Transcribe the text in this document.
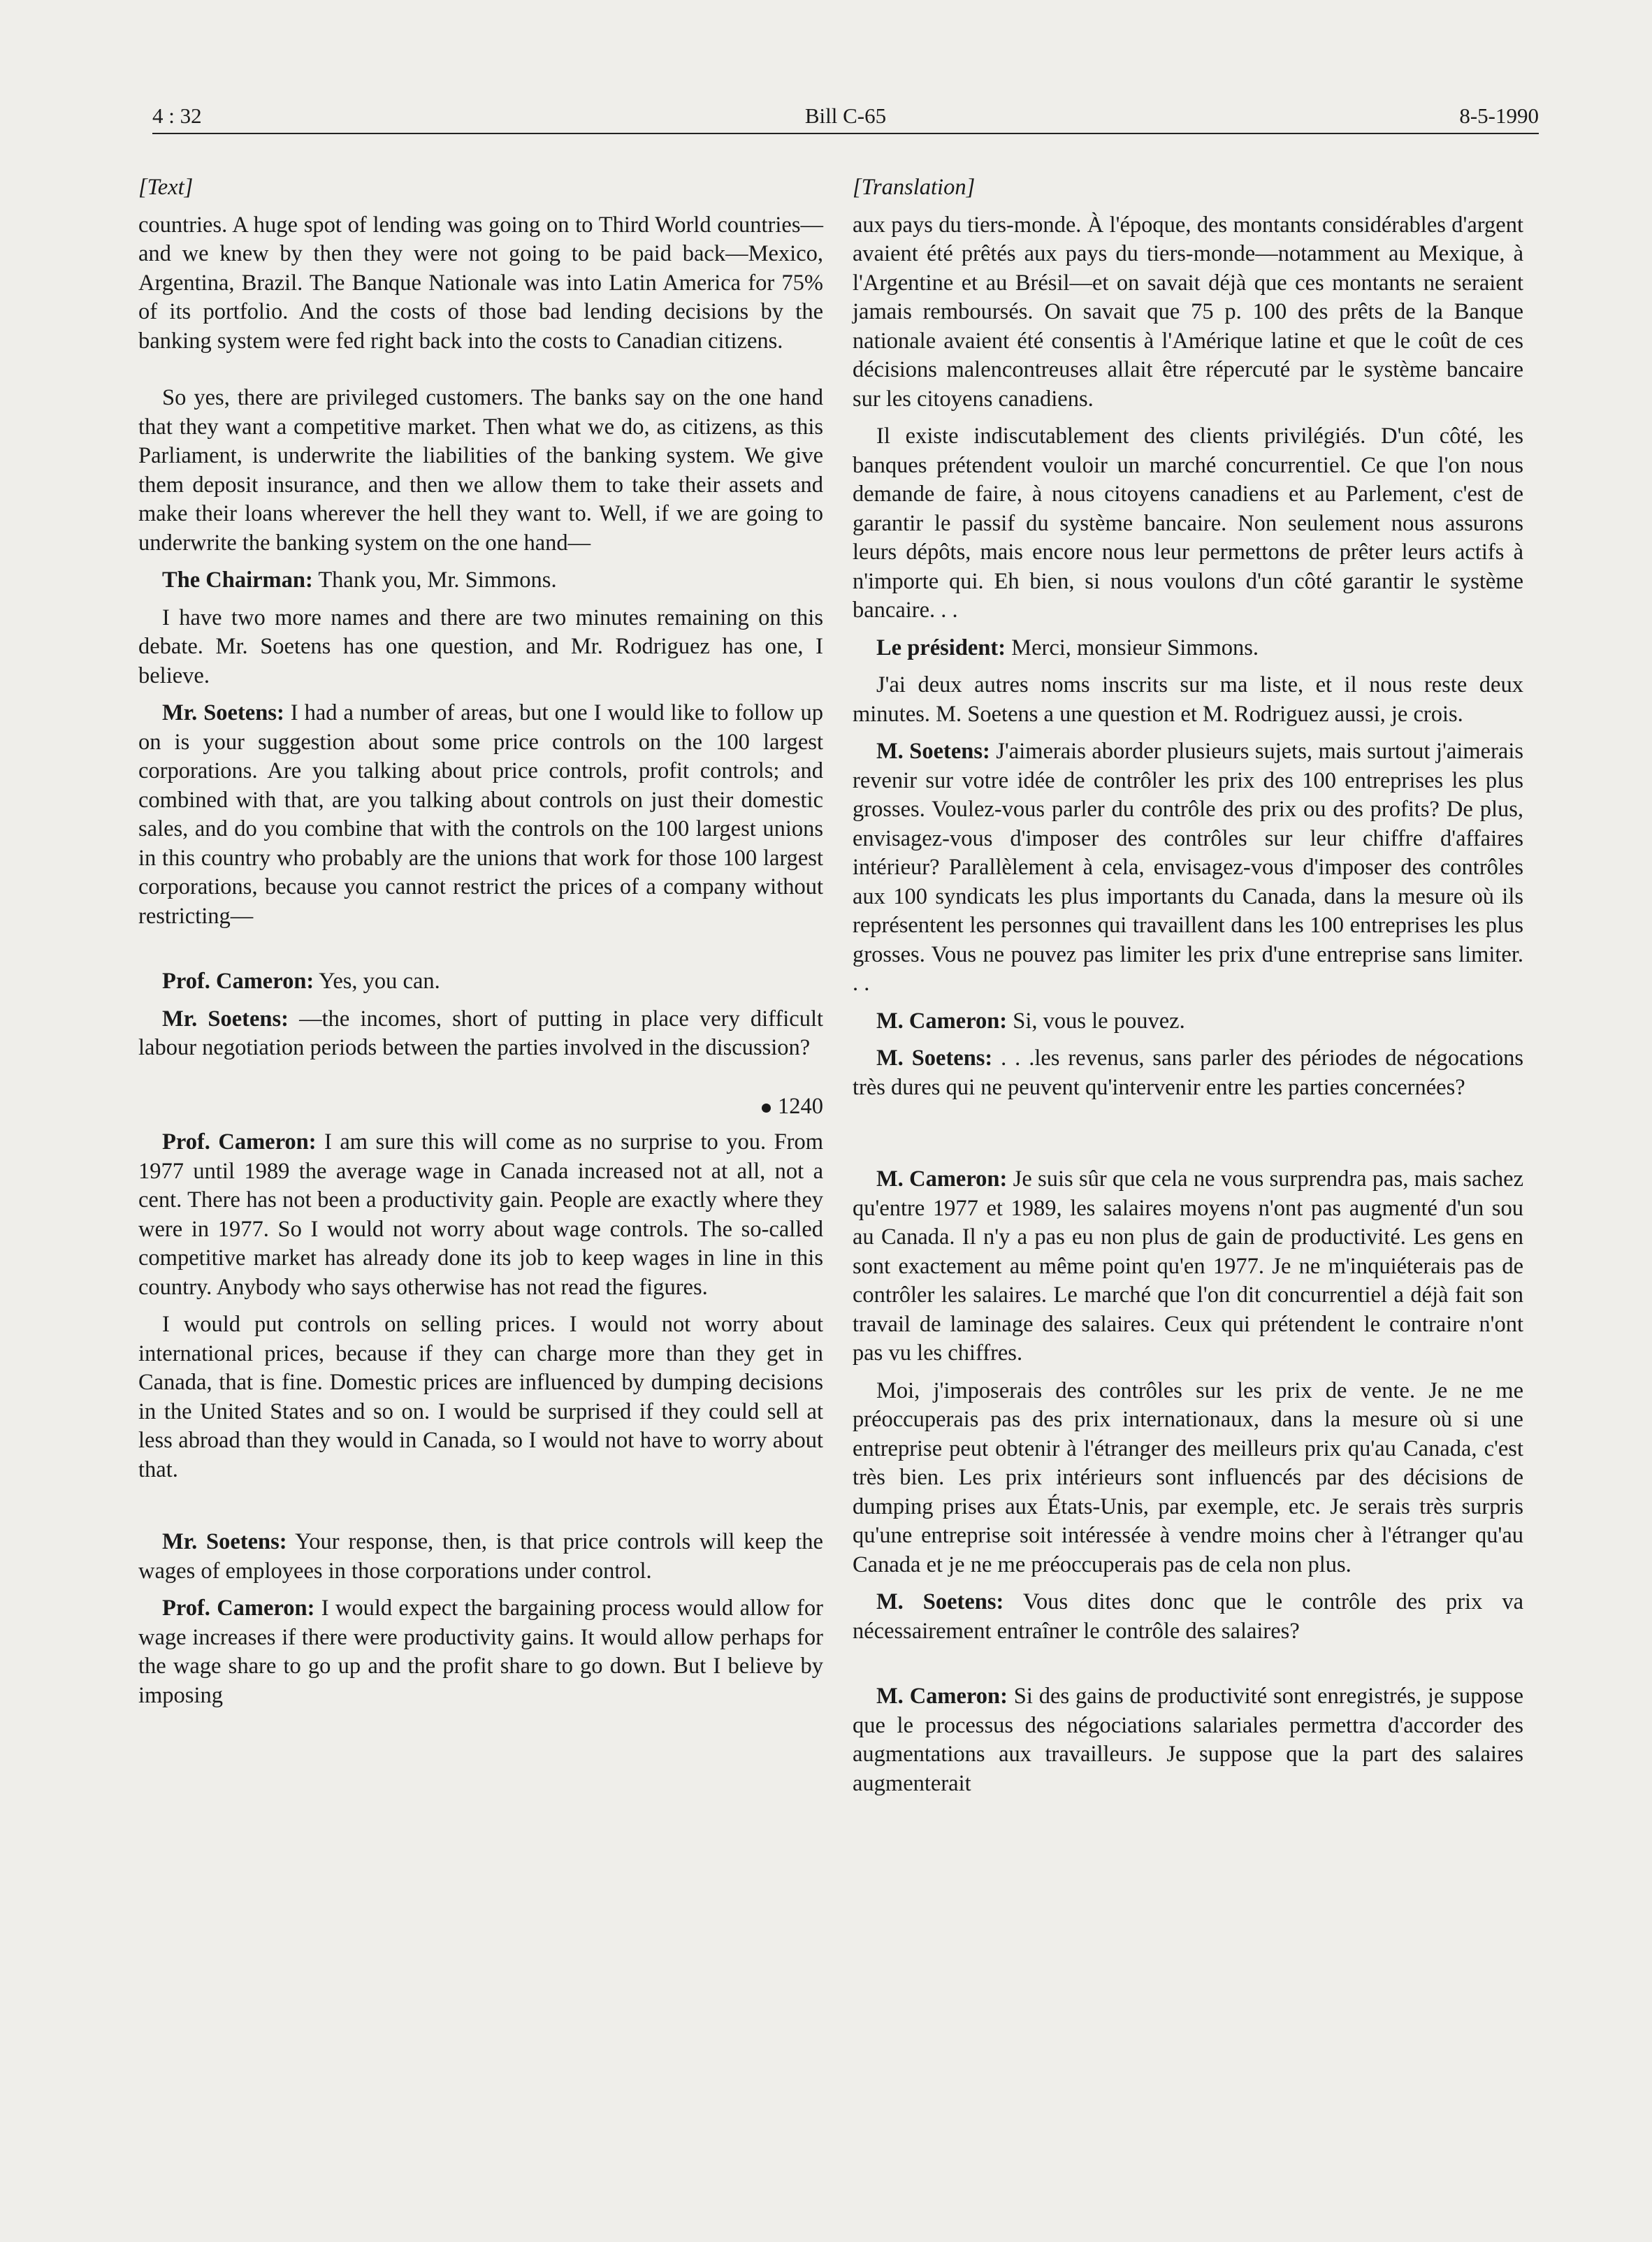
4 : 32	Bill C-65	8-5-1990

[Text]

countries. A huge spot of lending was going on to Third World countries—and we knew by then they were not going to be paid back—Mexico, Argentina, Brazil. The Banque Nationale was into Latin America for 75% of its portfolio. And the costs of those bad lending decisions by the banking system were fed right back into the costs to Canadian citizens.

So yes, there are privileged customers. The banks say on the one hand that they want a competitive market. Then what we do, as citizens, as this Parliament, is underwrite the liabilities of the banking system. We give them deposit insurance, and then we allow them to take their assets and make their loans wherever the hell they want to. Well, if we are going to underwrite the banking system on the one hand—

The Chairman: Thank you, Mr. Simmons.

I have two more names and there are two minutes remaining on this debate. Mr. Soetens has one question, and Mr. Rodriguez has one, I believe.

Mr. Soetens: I had a number of areas, but one I would like to follow up on is your suggestion about some price controls on the 100 largest corporations. Are you talking about price controls, profit controls; and combined with that, are you talking about controls on just their domestic sales, and do you combine that with the controls on the 100 largest unions in this country who probably are the unions that work for those 100 largest corporations, because you cannot restrict the prices of a company without restricting—

Prof. Cameron: Yes, you can.

Mr. Soetens: —the incomes, short of putting in place very difficult labour negotiation periods between the parties involved in the discussion?

1240

Prof. Cameron: I am sure this will come as no surprise to you. From 1977 until 1989 the average wage in Canada increased not at all, not a cent. There has not been a productivity gain. People are exactly where they were in 1977. So I would not worry about wage controls. The so-called competitive market has already done its job to keep wages in line in this country. Anybody who says otherwise has not read the figures.

I would put controls on selling prices. I would not worry about international prices, because if they can charge more than they get in Canada, that is fine. Domestic prices are influenced by dumping decisions in the United States and so on. I would be surprised if they could sell at less abroad than they would in Canada, so I would not have to worry about that.

Mr. Soetens: Your response, then, is that price controls will keep the wages of employees in those corporations under control.

Prof. Cameron: I would expect the bargaining process would allow for wage increases if there were productivity gains. It would allow perhaps for the wage share to go up and the profit share to go down. But I believe by imposing

[Translation]

aux pays du tiers-monde. À l'époque, des montants considérables d'argent avaient été prêtés aux pays du tiers-monde—notamment au Mexique, à l'Argentine et au Brésil—et on savait déjà que ces montants ne seraient jamais remboursés. On savait que 75 p. 100 des prêts de la Banque nationale avaient été consentis à l'Amérique latine et que le coût de ces décisions malencontreuses allait être répercuté par le système bancaire sur les citoyens canadiens.

Il existe indiscutablement des clients privilégiés. D'un côté, les banques prétendent vouloir un marché concurrentiel. Ce que l'on nous demande de faire, à nous citoyens canadiens et au Parlement, c'est de garantir le passif du système bancaire. Non seulement nous assurons leurs dépôts, mais encore nous leur permettons de prêter leurs actifs à n'importe qui. Eh bien, si nous voulons d'un côté garantir le système bancaire. . .

Le président: Merci, monsieur Simmons.

J'ai deux autres noms inscrits sur ma liste, et il nous reste deux minutes. M. Soetens a une question et M. Rodriguez aussi, je crois.

M. Soetens: J'aimerais aborder plusieurs sujets, mais surtout j'aimerais revenir sur votre idée de contrôler les prix des 100 entreprises les plus grosses. Voulez-vous parler du contrôle des prix ou des profits? De plus, envisagez-vous d'imposer des contrôles sur leur chiffre d'affaires intérieur? Parallèlement à cela, envisagez-vous d'imposer des contrôles aux 100 syndicats les plus importants du Canada, dans la mesure où ils représentent les personnes qui travaillent dans les 100 entreprises les plus grosses. Vous ne pouvez pas limiter les prix d'une entreprise sans limiter. . .

M. Cameron: Si, vous le pouvez.

M. Soetens: . . .les revenus, sans parler des périodes de négocations très dures qui ne peuvent qu'intervenir entre les parties concernées?

M. Cameron: Je suis sûr que cela ne vous surprendra pas, mais sachez qu'entre 1977 et 1989, les salaires moyens n'ont pas augmenté d'un sou au Canada. Il n'y a pas eu non plus de gain de productivité. Les gens en sont exactement au même point qu'en 1977. Je ne m'inquiéterais pas de contrôler les salaires. Le marché que l'on dit concurrentiel a déjà fait son travail de laminage des salaires. Ceux qui prétendent le contraire n'ont pas vu les chiffres.

Moi, j'imposerais des contrôles sur les prix de vente. Je ne me préoccuperais pas des prix internationaux, dans la mesure où si une entreprise peut obtenir à l'étranger des meilleurs prix qu'au Canada, c'est très bien. Les prix intérieurs sont influencés par des décisions de dumping prises aux États-Unis, par exemple, etc. Je serais très surpris qu'une entreprise soit intéressée à vendre moins cher à l'étranger qu'au Canada et je ne me préoccuperais pas de cela non plus.

M. Soetens: Vous dites donc que le contrôle des prix va nécessairement entraîner le contrôle des salaires?

M. Cameron: Si des gains de productivité sont enregistrés, je suppose que le processus des négociations salariales permettra d'accorder des augmentations aux travailleurs. Je suppose que la part des salaires augmenterait
